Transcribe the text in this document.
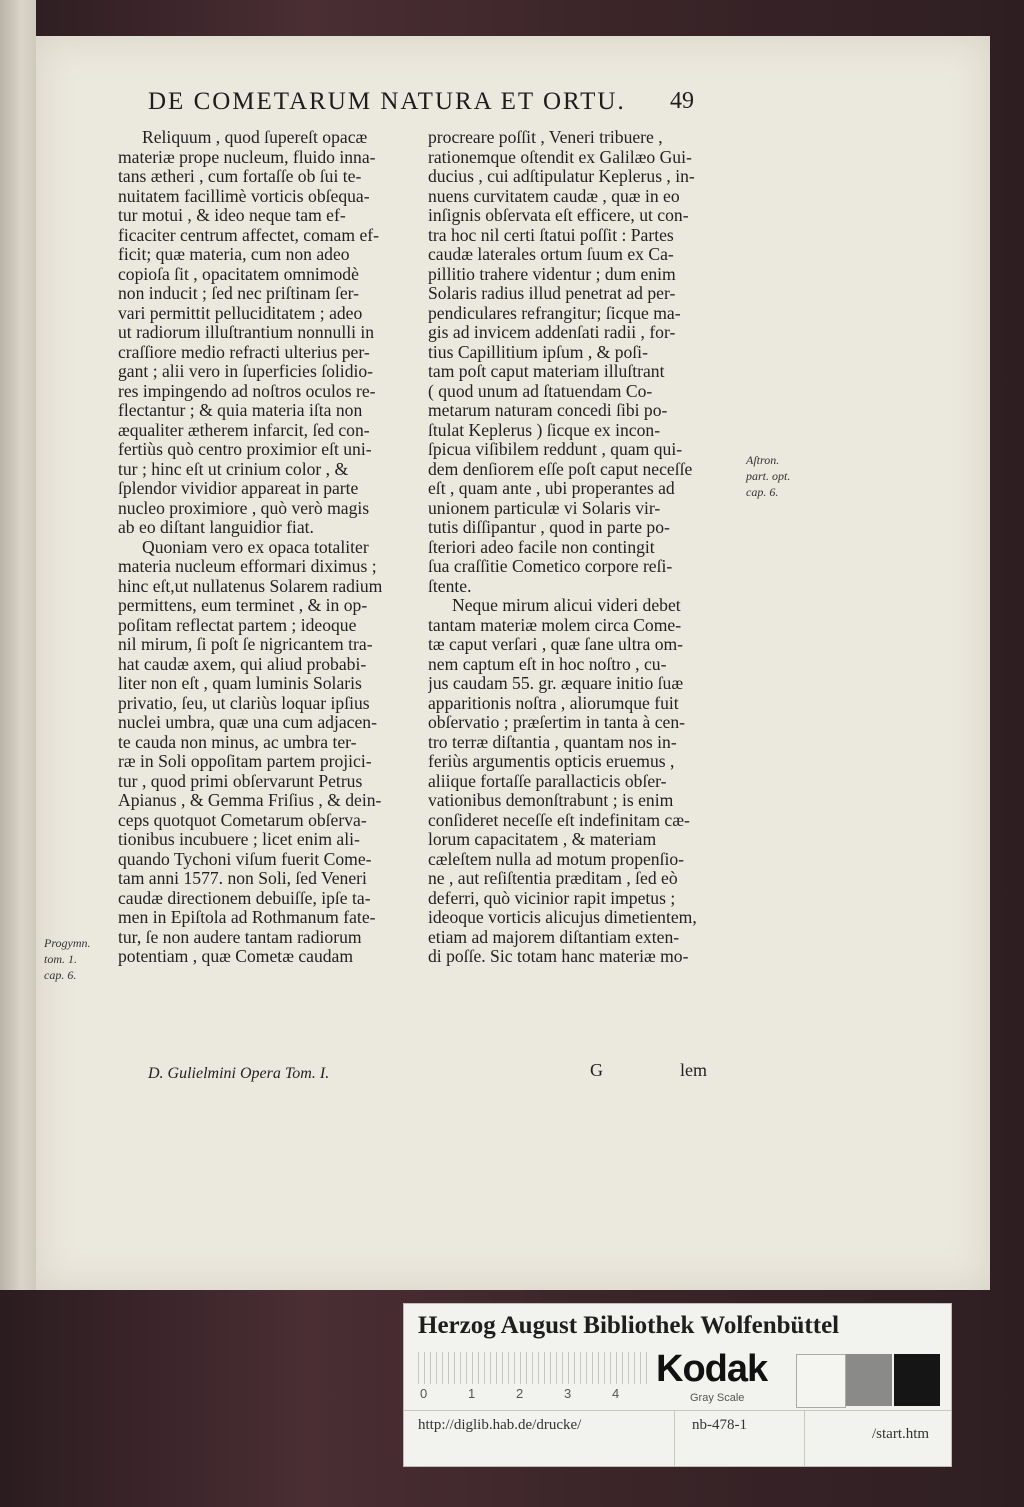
DE COMETARUM NATURA ET ORTU.	49
Reliquum , quod ſupereſt opacæ
materiæ prope nucleum, fluido inna-
tans ætheri , cum fortaſſe ob ſui te-
nuitatem facillimè vorticis obſequa-
tur motui , & ideo neque tam ef-
ficaciter centrum affectet, comam ef-
ficit; quæ materia, cum non adeo
copioſa ſit , opacitatem omnimodè
non inducit ; ſed nec priſtinam ſer-
vari permittit pelluciditatem ; adeo
ut radiorum illuſtrantium nonnulli in
craſſiore medio refracti ulterius per-
gant ; alii vero in ſuperficies ſolidio-
res impingendo ad noſtros oculos re-
flectantur ; & quia materia iſta non
æqualiter ætherem infarcit, ſed con-
fertiùs quò centro proximior eſt uni-
tur ; hinc eſt ut crinium color , &
ſplendor vividior appareat in parte
nucleo proximiore , quò verò magis
ab eo diſtant languidior fiat.
Quoniam vero ex opaca totaliter
materia nucleum efformari diximus ;
hinc eſt,ut nullatenus Solarem radium
permittens, eum terminet , & in op-
poſitam reflectat partem ; ideoque
nil mirum, ſi poſt ſe nigricantem tra-
hat caudæ axem, qui aliud probabi-
liter non eſt , quam luminis Solaris
privatio, ſeu, ut clariùs loquar ipſius
nuclei umbra, quæ una cum adjacen-
te cauda non minus, ac umbra ter-
ræ in Soli oppoſitam partem projici-
tur , quod primi obſervarunt Petrus
Apianus , & Gemma Friſius , & dein-
ceps quotquot Cometarum obſerva-
tionibus incubuere ; licet enim ali-
quando Tychoni viſum fuerit Come-
tam anni 1577. non Soli, ſed Veneri
caudæ directionem debuiſſe, ipſe ta-
men in Epiſtola ad Rothmanum fate-
tur, ſe non audere tantam radiorum
potentiam , quæ Cometæ caudam
procreare poſſit , Veneri tribuere ,
rationemque oſtendit ex Galilæo Gui-
ducius , cui adſtipulatur Keplerus , in-
nuens curvitatem caudæ , quæ in eo
inſignis obſervata eſt efficere, ut con-
tra hoc nil certi ſtatui poſſit : Partes
caudæ laterales ortum ſuum ex Ca-
pillitio trahere videntur ; dum enim
Solaris radius illud penetrat ad per-
pendiculares refrangitur; ſicque ma-
gis ad invicem addenſati radii , for-
tius Capillitium ipſum , & poſi-
tam poſt caput materiam illuſtrant
( quod unum ad ſtatuendam Co-
metarum naturam concedi ſibi po-
ſtulat Keplerus ) ſicque ex incon-
ſpicua viſibilem reddunt , quam qui-
dem denſiorem eſſe poſt caput neceſſe
eſt , quam ante , ubi properantes ad
unionem particulæ vi Solaris vir-
tutis diſſipantur , quod in parte po-
ſteriori adeo facile non contingit
ſua craſſitie Cometico corpore reſi-
ſtente.
Neque mirum alicui videri debet
tantam materiæ molem circa Come-
tæ caput verſari , quæ ſane ultra om-
nem captum eſt in hoc noſtro , cu-
jus caudam 55. gr. æquare initio ſuæ
apparitionis noſtra , aliorumque fuit
obſervatio ; præſertim in tanta à cen-
tro terræ diſtantia , quantam nos in-
feriùs argumentis opticis eruemus ,
aliique fortaſſe parallacticis obſer-
vationibus demonſtrabunt ; is enim
conſideret neceſſe eſt indefinitam cæ-
lorum capacitatem , & materiam
cæleſtem nulla ad motum propenſio-
ne , aut reſiſtentia præditam , ſed eò
deferri, quò vicinior rapit impetus ;
ideoque vorticis alicujus dimetientem,
etiam ad majorem diſtantiam exten-
di poſſe. Sic totam hanc materiæ mo-
Progymn.
tom. 1.
cap. 6.
Aſtron.
part. opt.
cap. 6.
D. Gulielmini Opera Tom. I.	G	lem
Herzog August Bibliothek Wolfenbüttel
0	1	2	3	4
Kodak
Gray Scale
http://diglib.hab.de/drucke/	nb-478-1
/start.htm
